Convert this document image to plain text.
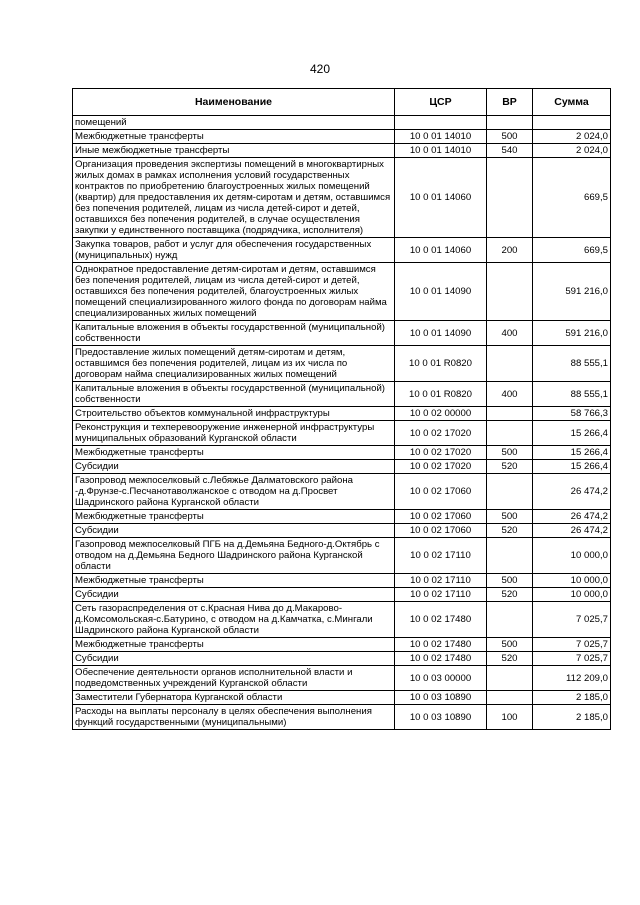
420
Наименование	ЦСР	ВР	Сумма
помещений			
Межбюджетные трансферты	10 0 01 14010	500	2 024,0
Иные межбюджетные трансферты	10 0 01 14010	540	2 024,0
Организация проведения экспертизы помещений в многоквартирных жилых домах в рамках исполнения условий государственных контрактов по приобретению благоустроенных жилых помещений (квартир) для предоставления их детям-сиротам и детям, оставшимся без попечения родителей, лицам из числа детей-сирот и детей, оставшихся без попечения родителей, в случае осуществления закупки у единственного поставщика (подрядчика, исполнителя)	10 0 01 14060		669,5
Закупка товаров, работ и услуг для обеспечения государственных (муниципальных) нужд	10 0 01 14060	200	669,5
Однократное предоставление детям-сиротам и детям, оставшимся без попечения родителей, лицам из числа детей-сирот и детей, оставшихся без попечения родителей, благоустроенных жилых помещений специализированного жилого фонда по договорам найма специализированных жилых помещений	10 0 01 14090		591 216,0
Капитальные вложения в объекты государственной (муниципальной) собственности	10 0 01 14090	400	591 216,0
Предоставление жилых помещений детям-сиротам и детям, оставшимся без попечения родителей, лицам из их числа по договорам найма специализированных жилых помещений	10 0 01 R0820		88 555,1
Капитальные вложения в объекты государственной (муниципальной) собственности	10 0 01 R0820	400	88 555,1
Строительство объектов коммунальной инфраструктуры	10 0 02 00000		58 766,3
Реконструкция и техперевооружение инженерной инфраструктуры муниципальных образований Курганской области	10 0 02 17020		15 266,4
Межбюджетные трансферты	10 0 02 17020	500	15 266,4
Субсидии	10 0 02 17020	520	15 266,4
Газопровод межпоселковый с.Лебяжье Далматовского района -д.Фрунзе-с.Песчанотаволжанское с отводом на д.Просвет Шадринского района Курганской области	10 0 02 17060		26 474,2
Межбюджетные трансферты	10 0 02 17060	500	26 474,2
Субсидии	10 0 02 17060	520	26 474,2
Газопровод межпоселковый ПГБ на д.Демьяна Бедного-д.Октябрь с отводом на д.Демьяна Бедного Шадринского района Курганской области	10 0 02 17110		10 000,0
Межбюджетные трансферты	10 0 02 17110	500	10 000,0
Субсидии	10 0 02 17110	520	10 000,0
Сеть газораспределения от с.Красная Нива до д.Макарово-д.Комсомольская-с.Батурино, с отводом на д.Камчатка, с.Мингали Шадринского района Курганской области	10 0 02 17480		7 025,7
Межбюджетные трансферты	10 0 02 17480	500	7 025,7
Субсидии	10 0 02 17480	520	7 025,7
Обеспечение деятельности органов исполнительной власти и подведомственных учреждений Курганской области	10 0 03 00000		112 209,0
Заместители Губернатора Курганской области	10 0 03 10890		2 185,0
Расходы на выплаты персоналу в целях обеспечения выполнения функций государственными (муниципальными)	10 0 03 10890	100	2 185,0
